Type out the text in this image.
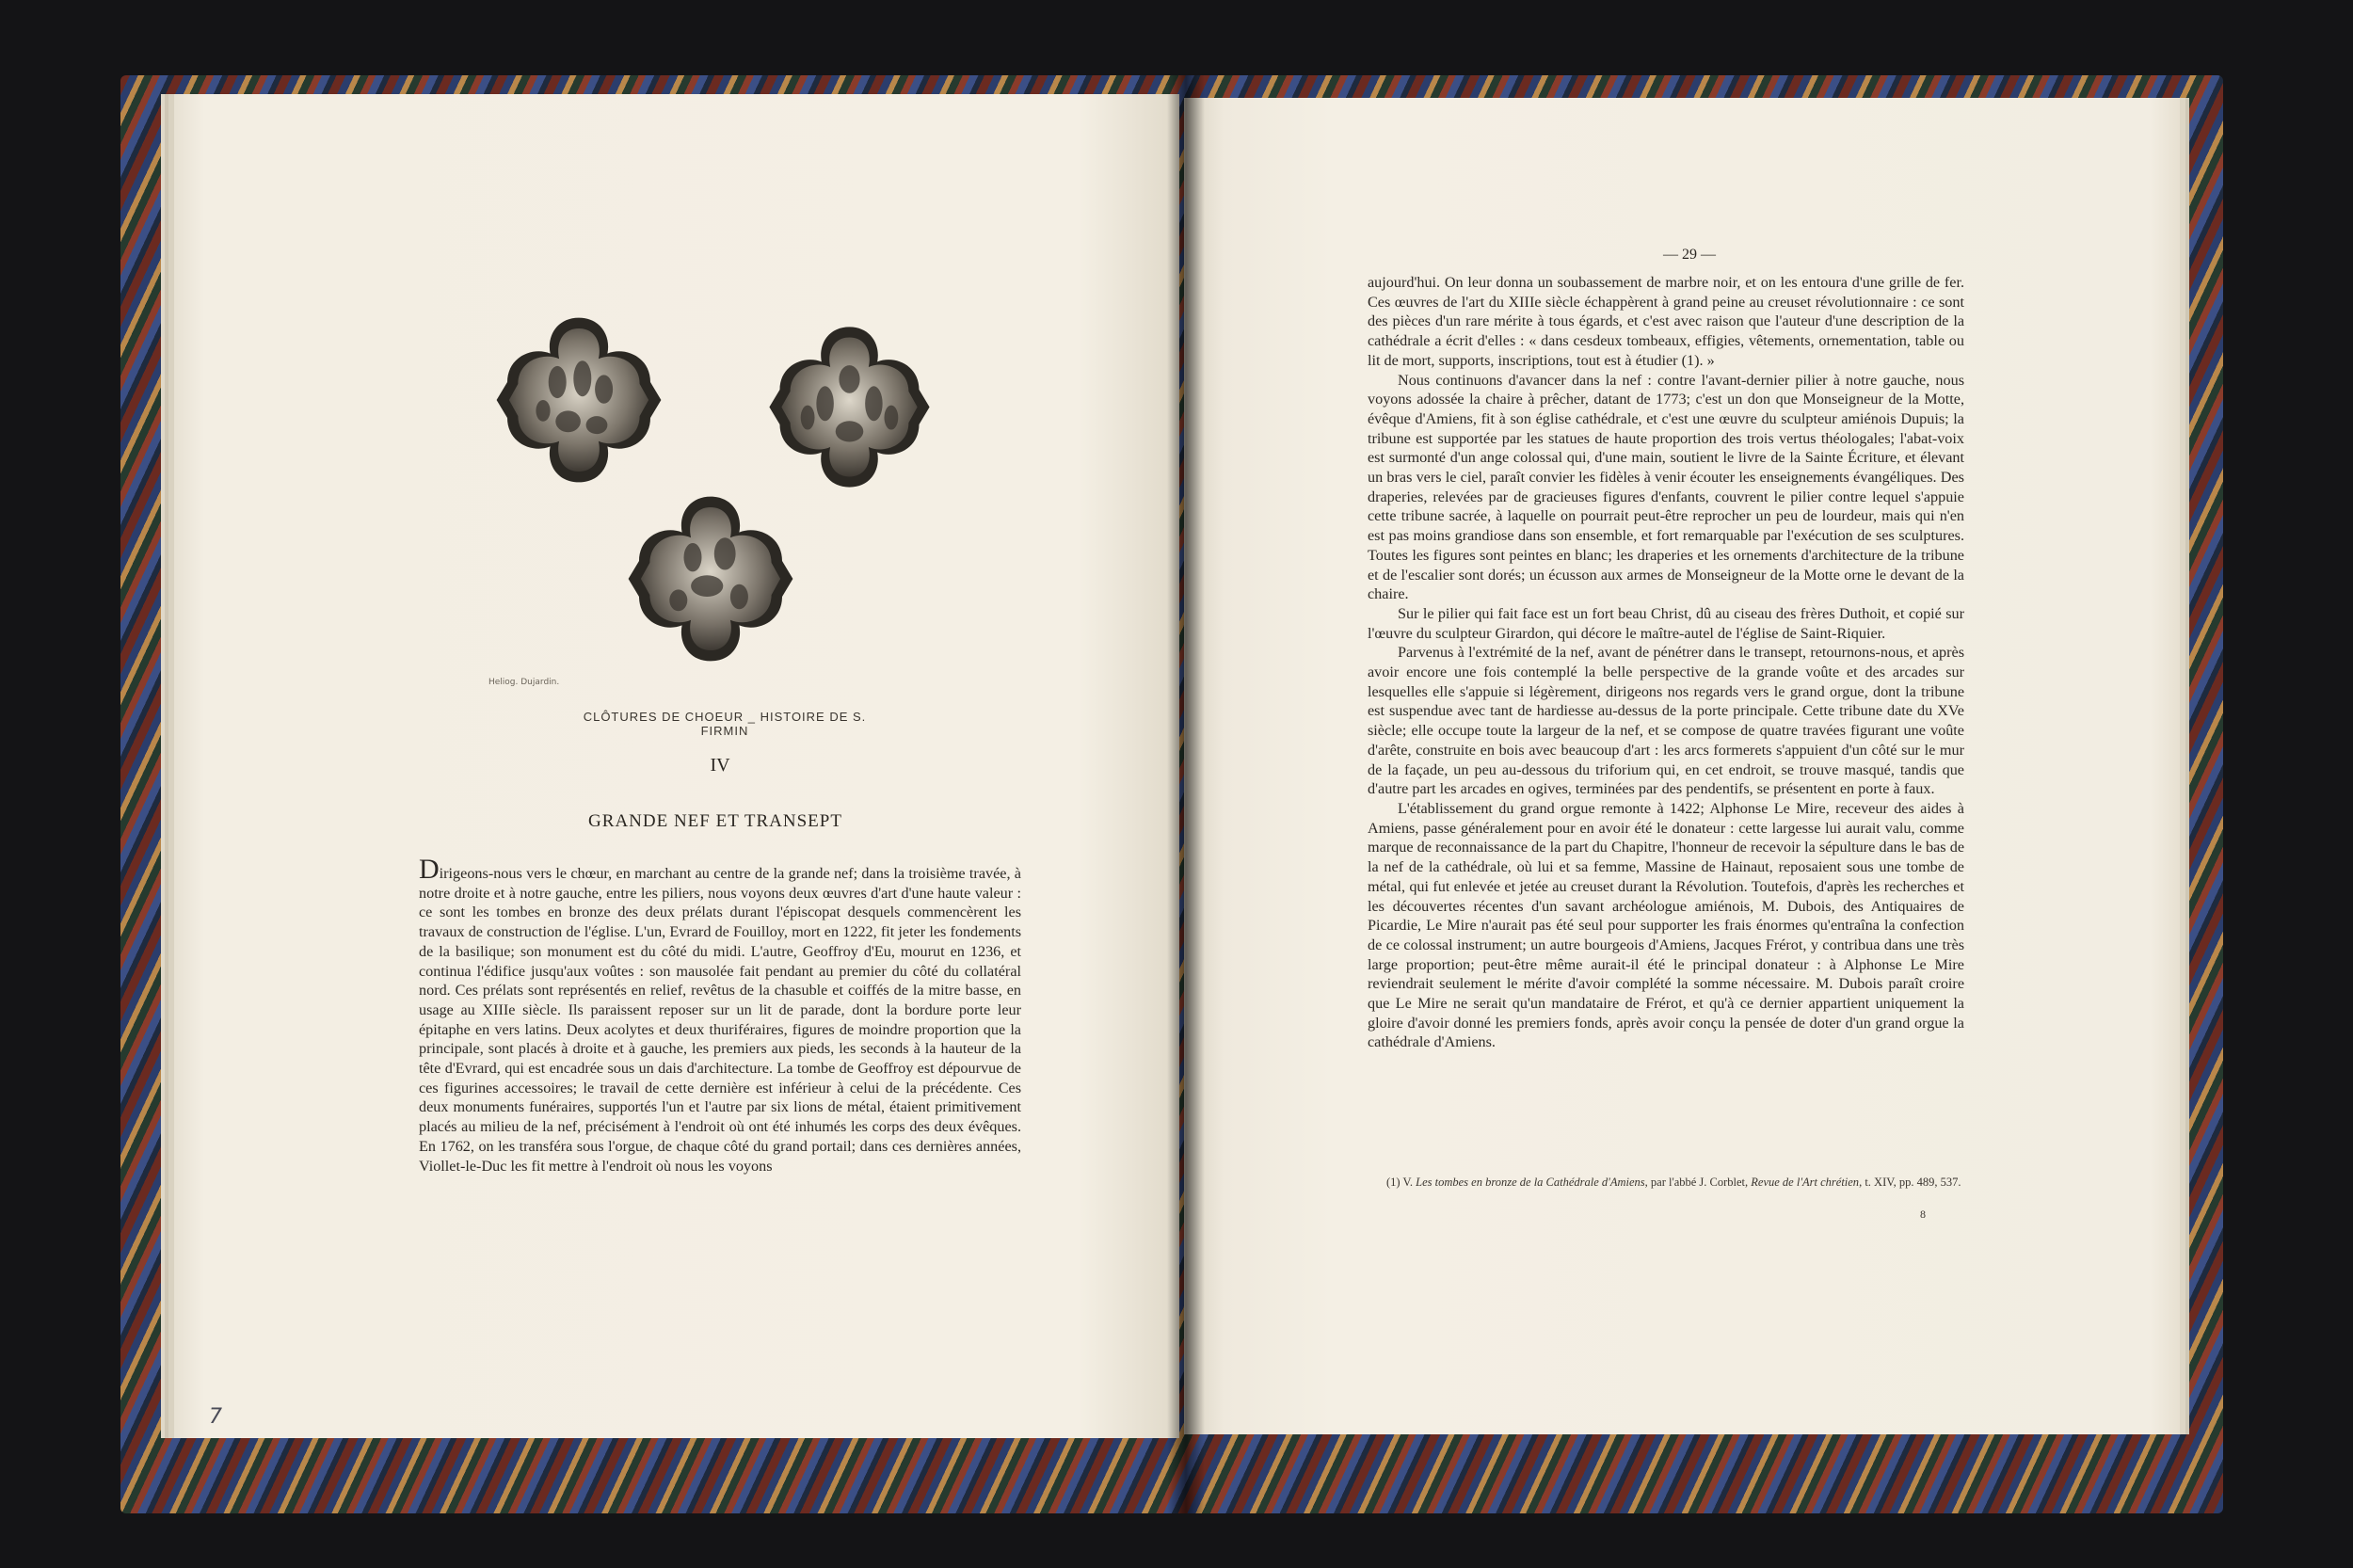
7
Heliog. Dujardin.
CLÔTURES DE CHOEUR _ HISTOIRE DE S. FIRMIN
IV
GRANDE NEF ET TRANSEPT

Dirigeons-nous vers le chœur, en marchant au centre de la grande nef; dans la troisième travée, à notre droite et à notre gauche, entre les piliers, nous voyons deux œuvres d'art d'une haute valeur : ce sont les tombes en bronze des deux prélats durant l'épiscopat desquels commencèrent les travaux de construction de l'église. L'un, Evrard de Fouilloy, mort en 1222, fit jeter les fondements de la basilique; son monument est du côté du midi. L'autre, Geoffroy d'Eu, mourut en 1236, et continua l'édifice jusqu'aux voûtes : son mausolée fait pendant au premier du côté du collatéral nord. Ces prélats sont représentés en relief, revêtus de la chasuble et coiffés de la mitre basse, en usage au XIIIe siècle. Ils paraissent reposer sur un lit de parade, dont la bordure porte leur épitaphe en vers latins. Deux acolytes et deux thuriféraires, figures de moindre proportion que la principale, sont placés à droite et à gauche, les premiers aux pieds, les seconds à la hauteur de la tête d'Evrard, qui est encadrée sous un dais d'architecture. La tombe de Geoffroy est dépourvue de ces figurines accessoires; le travail de cette dernière est inférieur à celui de la précédente. Ces deux monuments funéraires, supportés l'un et l'autre par six lions de métal, étaient primitivement placés au milieu de la nef, précisément à l'endroit où ont été inhumés les corps des deux évêques. En 1762, on les transféra sous l'orgue, de chaque côté du grand portail; dans ces dernières années, Viollet-le-Duc les fit mettre à l'endroit où nous les voyons

— 29 —

aujourd'hui. On leur donna un soubassement de marbre noir, et on les entoura d'une grille de fer. Ces œuvres de l'art du XIIIe siècle échappèrent à grand peine au creuset révolutionnaire : ce sont des pièces d'un rare mérite à tous égards, et c'est avec raison que l'auteur d'une description de la cathédrale a écrit d'elles : « dans cesdeux tombeaux, effigies, vêtements, ornementation, table ou lit de mort, supports, inscriptions, tout est à étudier (1). »

Nous continuons d'avancer dans la nef : contre l'avant-dernier pilier à notre gauche, nous voyons adossée la chaire à prêcher, datant de 1773; c'est un don que Monseigneur de la Motte, évêque d'Amiens, fit à son église cathédrale, et c'est une œuvre du sculpteur amiénois Dupuis; la tribune est supportée par les statues de haute proportion des trois vertus théologales; l'abat-voix est surmonté d'un ange colossal qui, d'une main, soutient le livre de la Sainte Écriture, et élevant un bras vers le ciel, paraît convier les fidèles à venir écouter les enseignements évangéliques. Des draperies, relevées par de gracieuses figures d'enfants, couvrent le pilier contre lequel s'appuie cette tribune sacrée, à laquelle on pourrait peut-être reprocher un peu de lourdeur, mais qui n'en est pas moins grandiose dans son ensemble, et fort remarquable par l'exécution de ses sculptures. Toutes les figures sont peintes en blanc; les draperies et les ornements d'architecture de la tribune et de l'escalier sont dorés; un écusson aux armes de Monseigneur de la Motte orne le devant de la chaire.

Sur le pilier qui fait face est un fort beau Christ, dû au ciseau des frères Duthoit, et copié sur l'œuvre du sculpteur Girardon, qui décore le maître-autel de l'église de Saint-Riquier.

Parvenus à l'extrémité de la nef, avant de pénétrer dans le transept, retournons-nous, et après avoir encore une fois contemplé la belle perspective de la grande voûte et des arcades sur lesquelles elle s'appuie si légèrement, dirigeons nos regards vers le grand orgue, dont la tribune est suspendue avec tant de hardiesse au-dessus de la porte principale. Cette tribune date du XVe siècle; elle occupe toute la largeur de la nef, et se compose de quatre travées figurant une voûte d'arête, construite en bois avec beaucoup d'art : les arcs formerets s'appuient d'un côté sur le mur de la façade, un peu au-dessous du triforium qui, en cet endroit, se trouve masqué, tandis que d'autre part les arcades en ogives, terminées par des pendentifs, se présentent en porte à faux.

L'établissement du grand orgue remonte à 1422; Alphonse Le Mire, receveur des aides à Amiens, passe généralement pour en avoir été le donateur : cette largesse lui aurait valu, comme marque de reconnaissance de la part du Chapitre, l'honneur de recevoir la sépulture dans le bas de la nef de la cathédrale, où lui et sa femme, Massine de Hainaut, reposaient sous une tombe de métal, qui fut enlevée et jetée au creuset durant la Révolution. Toutefois, d'après les recherches et les découvertes récentes d'un savant archéologue amiénois, M. Dubois, des Antiquaires de Picardie, Le Mire n'aurait pas été seul pour supporter les frais énormes qu'entraîna la confection de ce colossal instrument; un autre bourgeois d'Amiens, Jacques Frérot, y contribua dans une très large proportion; peut-être même aurait-il été le principal donateur : à Alphonse Le Mire reviendrait seulement le mérite d'avoir complété la somme nécessaire. M. Dubois paraît croire que Le Mire ne serait qu'un mandataire de Frérot, et qu'à ce dernier appartient uniquement la gloire d'avoir donné les premiers fonds, après avoir conçu la pensée de doter d'un grand orgue la cathédrale d'Amiens.

(1) V. Les tombes en bronze de la Cathédrale d'Amiens, par l'abbé J. Corblet, Revue de l'Art chrétien, t. XIV, pp. 489, 537.
8
